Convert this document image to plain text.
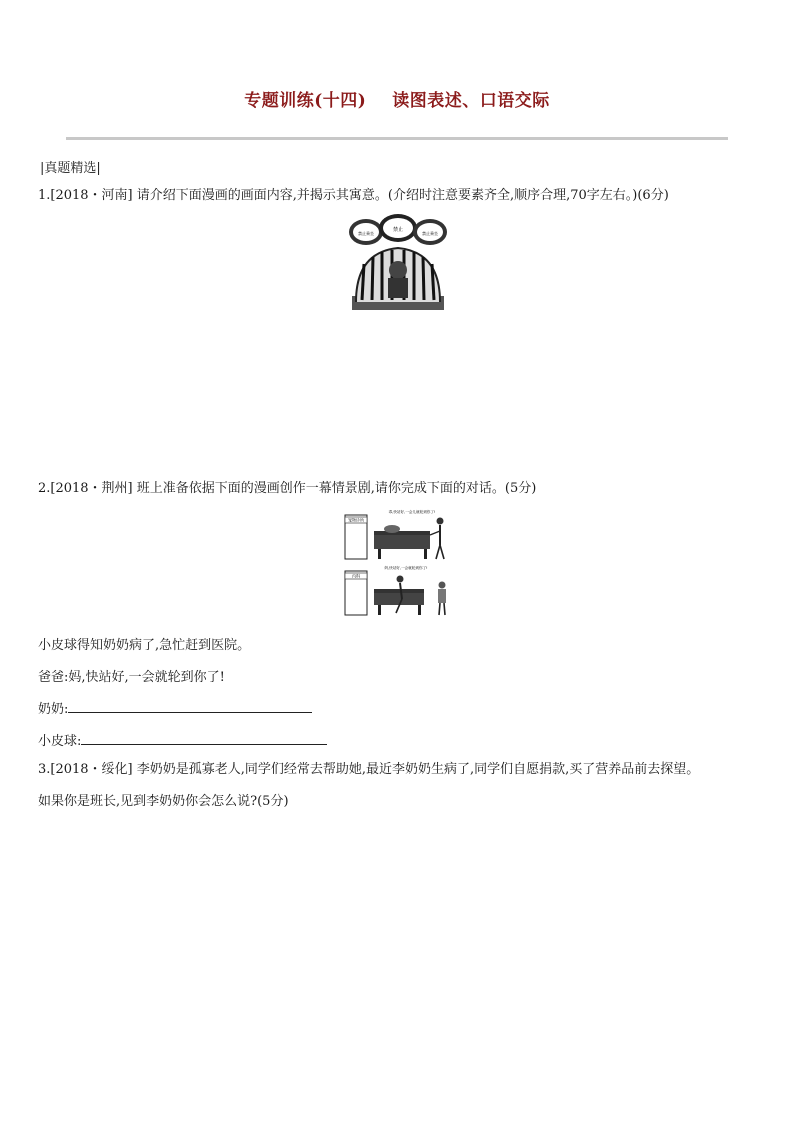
专题训练(十四) 读图表述、口语交际
|真题精选|
1.[2018・河南] 请介绍下面漫画的画面内容,并揭示其寓意。(介绍时注意要素齐全,顺序合理,70字左右。)(6分)
禁止乘坐
禁止
禁止乘坐
2.[2018・荆州] 班上准备依据下面的漫画创作一幕情景剧,请你完成下面的对话。(5分)
宠物诊所
乖,快站好,一会儿就轮到你了!
内科
妈,快站好,一会就轮到你了!
小皮球得知奶奶病了,急忙赶到医院。
爸爸:妈,快站好,一会就轮到你了!
奶奶:
小皮球:
3.[2018・绥化] 李奶奶是孤寡老人,同学们经常去帮助她,最近李奶奶生病了,同学们自愿捐款,买了营养品前去探望。
如果你是班长,见到李奶奶你会怎么说?(5分)
